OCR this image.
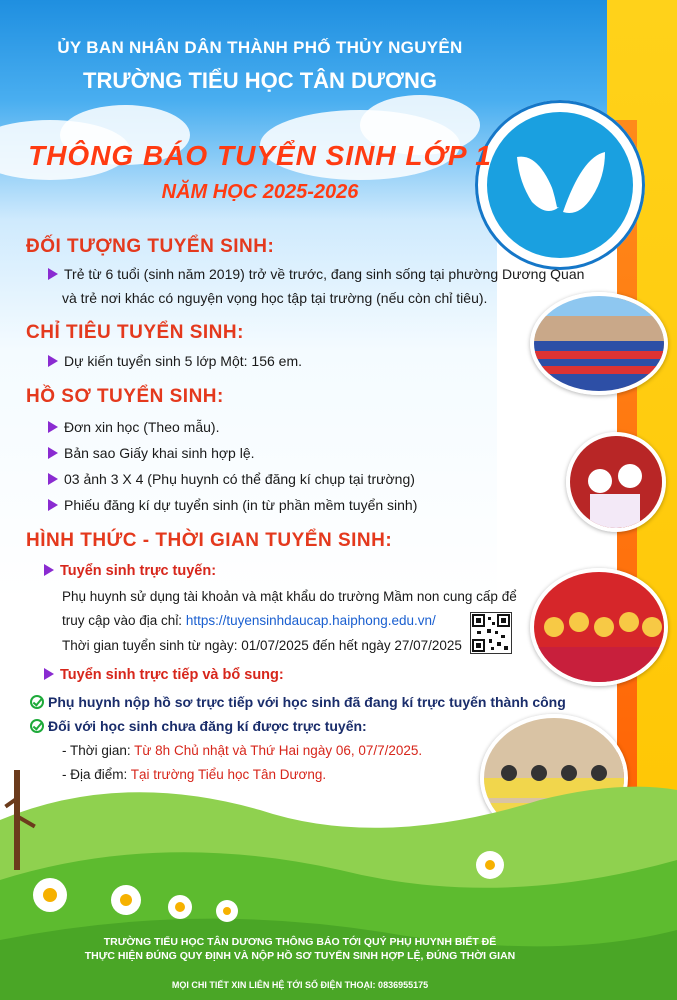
ỦY BAN NHÂN DÂN THÀNH PHỐ THỦY NGUYÊN
TRƯỜNG TIỂU HỌC TÂN DƯƠNG
THÔNG BÁO TUYỂN SINH LỚP 1
NĂM HỌC 2025-2026
ĐỐI TƯỢNG TUYỂN SINH:
Trẻ từ 6 tuổi (sinh năm 2019) trở về trước, đang sinh sống tại phường Dương Quan
và trẻ nơi khác có nguyện vọng học tập tại trường (nếu còn chỉ tiêu).
CHỈ TIÊU TUYỂN SINH:
Dự kiến tuyển sinh 5 lớp Một: 156 em.
HỒ SƠ TUYỂN SINH:
Đơn xin học (Theo mẫu).
Bản sao Giấy khai sinh hợp lệ.
03 ảnh 3 X 4 (Phụ huynh có thể đăng kí chụp tại trường)
Phiếu đăng kí dự tuyển sinh (in từ phần mềm tuyển sinh)
HÌNH THỨC - THỜI GIAN TUYỂN SINH:
Tuyển sinh trực tuyến:
Phụ huynh sử dụng tài khoản và mật khẩu do trường Mầm non cung cấp để
truy cập vào địa chỉ: https://tuyensinhdaucap.haiphong.edu.vn/
Thời gian tuyển sinh từ ngày: 01/07/2025 đến hết ngày 27/07/2025
Tuyển sinh trực tiếp và bổ sung:
Phụ huynh nộp hồ sơ trực tiếp với học sinh đã đang kí trực tuyến thành công
Đối với học sinh chưa đăng kí được trực tuyến:
- Thời gian: Từ 8h Chủ nhật và Thứ Hai ngày 06, 07/7/2025.
- Địa điểm: Tại trường Tiểu học Tân Dương.
TRƯỜNG TIỂU HỌC TÂN DƯƠNG THÔNG BÁO TỚI QUÝ PHỤ HUYNH BIẾT ĐỂ
THỰC HIỆN ĐÚNG QUY ĐỊNH VÀ NỘP HỒ SƠ TUYỂN SINH HỢP LỆ, ĐÚNG THỜI GIAN
MỌI CHI TIẾT XIN LIÊN HỆ TỚI SỐ ĐIỆN THOẠI: 0836955175
